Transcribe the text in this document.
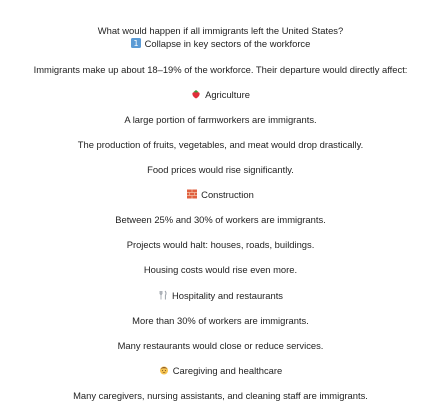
What would happen if all immigrants left the United States?
1 Collapse in key sectors of the workforce
Immigrants make up about 18–19% of the workforce. Their departure would directly affect:
Agriculture
A large portion of farmworkers are immigrants.
The production of fruits, vegetables, and meat would drop drastically.
Food prices would rise significantly.
Construction
Between 25% and 30% of workers are immigrants.
Projects would halt: houses, roads, buildings.
Housing costs would rise even more.
Hospitality and restaurants
More than 30% of workers are immigrants.
Many restaurants would close or reduce services.
Caregiving and healthcare
Many caregivers, nursing assistants, and cleaning staff are immigrants.
